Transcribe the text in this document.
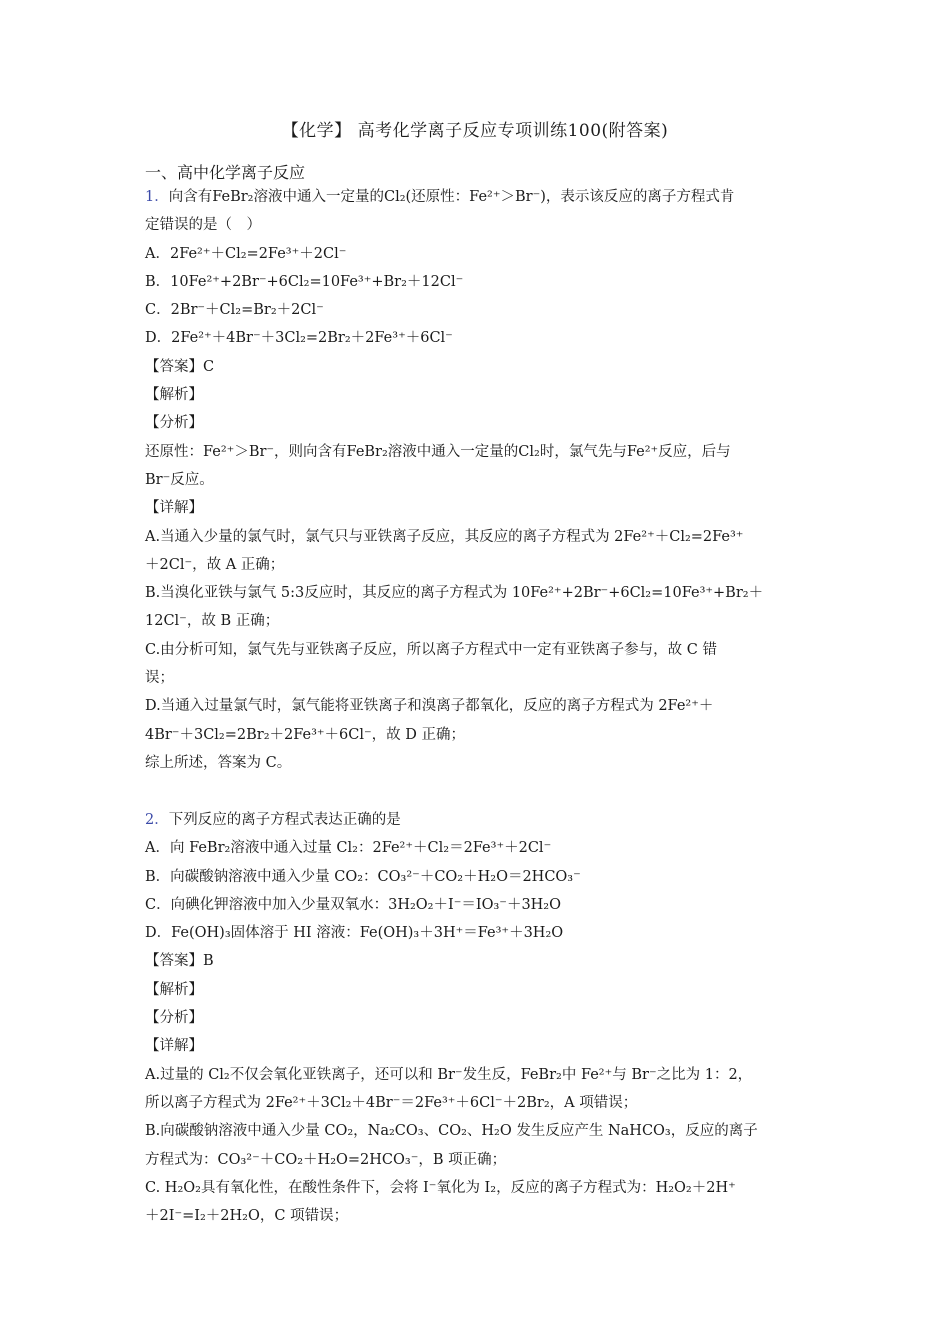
【化学】 高考化学离子反应专项训练100(附答案)
一、高中化学离子反应
1．向含有FeBr₂溶液中通入一定量的Cl₂(还原性：Fe²⁺＞Br⁻)，表示该反应的离子方程式肯
定错误的是（　）
A．2Fe²⁺＋Cl₂=2Fe³⁺＋2Cl⁻
B．10Fe²⁺+2Br⁻+6Cl₂=10Fe³⁺+Br₂＋12Cl⁻
C．2Br⁻＋Cl₂=Br₂＋2Cl⁻
D．2Fe²⁺＋4Br⁻＋3Cl₂=2Br₂＋2Fe³⁺＋6Cl⁻
【答案】C
【解析】
【分析】
还原性：Fe²⁺＞Br⁻，则向含有FeBr₂溶液中通入一定量的Cl₂时，氯气先与Fe²⁺反应，后与
Br⁻反应。
【详解】
A.当通入少量的氯气时，氯气只与亚铁离子反应，其反应的离子方程式为 2Fe²⁺＋Cl₂=2Fe³⁺
＋2Cl⁻，故 A 正确；
B.当溴化亚铁与氯气 5:3反应时，其反应的离子方程式为 10Fe²⁺+2Br⁻+6Cl₂=10Fe³⁺+Br₂＋
12Cl⁻，故 B 正确；
C.由分析可知，氯气先与亚铁离子反应，所以离子方程式中一定有亚铁离子参与，故 C 错
误；
D.当通入过量氯气时，氯气能将亚铁离子和溴离子都氧化，反应的离子方程式为 2Fe²⁺＋
4Br⁻＋3Cl₂=2Br₂＋2Fe³⁺＋6Cl⁻，故 D 正确；
综上所述，答案为 C。
2．下列反应的离子方程式表达正确的是
A．向 FeBr₂溶液中通入过量 Cl₂：2Fe²⁺＋Cl₂＝2Fe³⁺＋2Cl⁻
B．向碳酸钠溶液中通入少量 CO₂：CO₃²⁻＋CO₂＋H₂O＝2HCO₃⁻
C．向碘化钾溶液中加入少量双氧水：3H₂O₂＋I⁻＝IO₃⁻＋3H₂O
D．Fe(OH)₃固体溶于 HI 溶液：Fe(OH)₃＋3H⁺＝Fe³⁺＋3H₂O
【答案】B
【解析】
【分析】
【详解】
A.过量的 Cl₂不仅会氧化亚铁离子，还可以和 Br⁻发生反，FeBr₂中 Fe²⁺与 Br⁻之比为 1：2，
所以离子方程式为 2Fe²⁺＋3Cl₂＋4Br⁻＝2Fe³⁺＋6Cl⁻＋2Br₂，A 项错误；
B.向碳酸钠溶液中通入少量 CO₂，Na₂CO₃、CO₂、H₂O 发生反应产生 NaHCO₃，反应的离子
方程式为：CO₃²⁻＋CO₂＋H₂O=2HCO₃⁻，B 项正确；
C. H₂O₂具有氧化性，在酸性条件下，会将 I⁻氧化为 I₂，反应的离子方程式为：H₂O₂＋2H⁺
＋2I⁻=I₂＋2H₂O，C 项错误；
